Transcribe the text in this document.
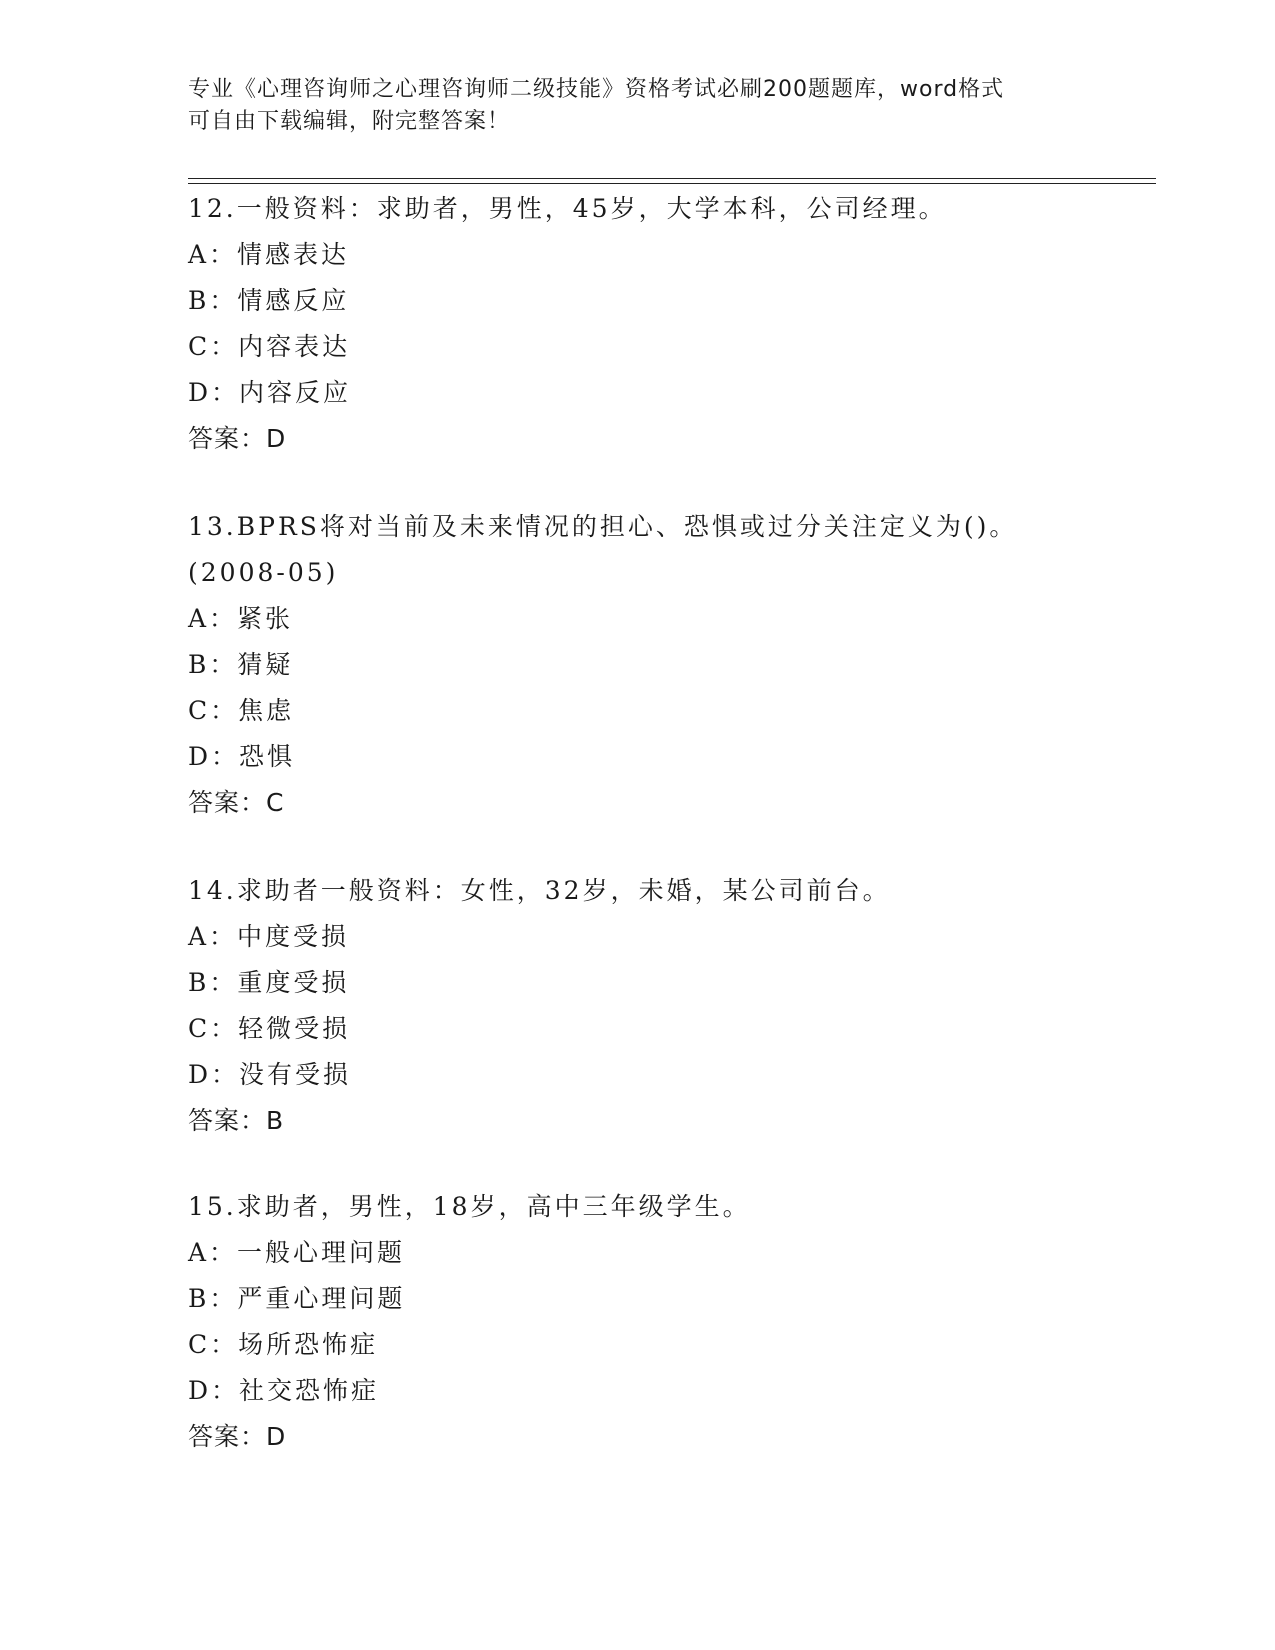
专业《心理咨询师之心理咨询师二级技能》资格考试必刷200题题库，word格式
可自由下载编辑，附完整答案！
12.一般资料：求助者，男性，45岁，大学本科，公司经理。
A：情感表达
B：情感反应
C：内容表达
D：内容反应
答案：D
13.BPRS将对当前及未来情况的担心、恐惧或过分关注定义为()。
(2008-05)
A：紧张
B：猜疑
C：焦虑
D：恐惧
答案：C
14.求助者一般资料：女性，32岁，未婚，某公司前台。
A：中度受损
B：重度受损
C：轻微受损
D：没有受损
答案：B
15.求助者，男性，18岁，高中三年级学生。
A：一般心理问题
B：严重心理问题
C：场所恐怖症
D：社交恐怖症
答案：D
